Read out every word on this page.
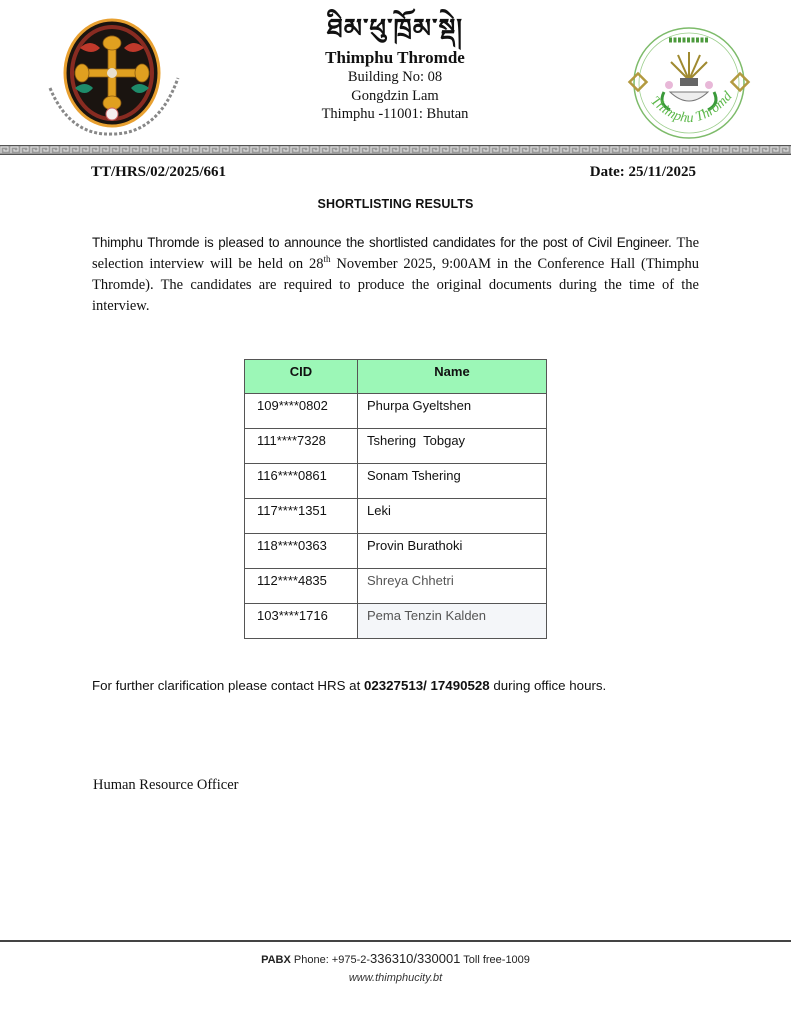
ཐིམ་ཕུ་ཁྲོམ་སྡེ།
Thimphu Thromde
Building No: 08
Gongdzin Lam
Thimphu -11001: Bhutan
Thimphu Thromd
TT/HRS/02/2025/661	Date: 25/11/2025
SHORTLISTING RESULTS
Thimphu Thromde is pleased to announce the shortlisted candidates for the post of Civil Engineer. The selection interview will be held on 28th November 2025, 9:00AM in the Conference Hall (Thimphu Thromde). The candidates are required to produce the original documents during the time of the interview.
CID	Name
109****0802	Phurpa Gyeltshen
111****7328	Tshering  Tobgay
116****0861	Sonam Tshering
117****1351	Leki
118****0363	Provin Burathoki
112****4835	Shreya Chhetri
103****1716	Pema Tenzin Kalden
For further clarification please contact HRS at 02327513/ 17490528 during office hours.
Human Resource Officer
PABX Phone: +975-2-336310/330001 Toll free-1009
www.thimphucity.bt
